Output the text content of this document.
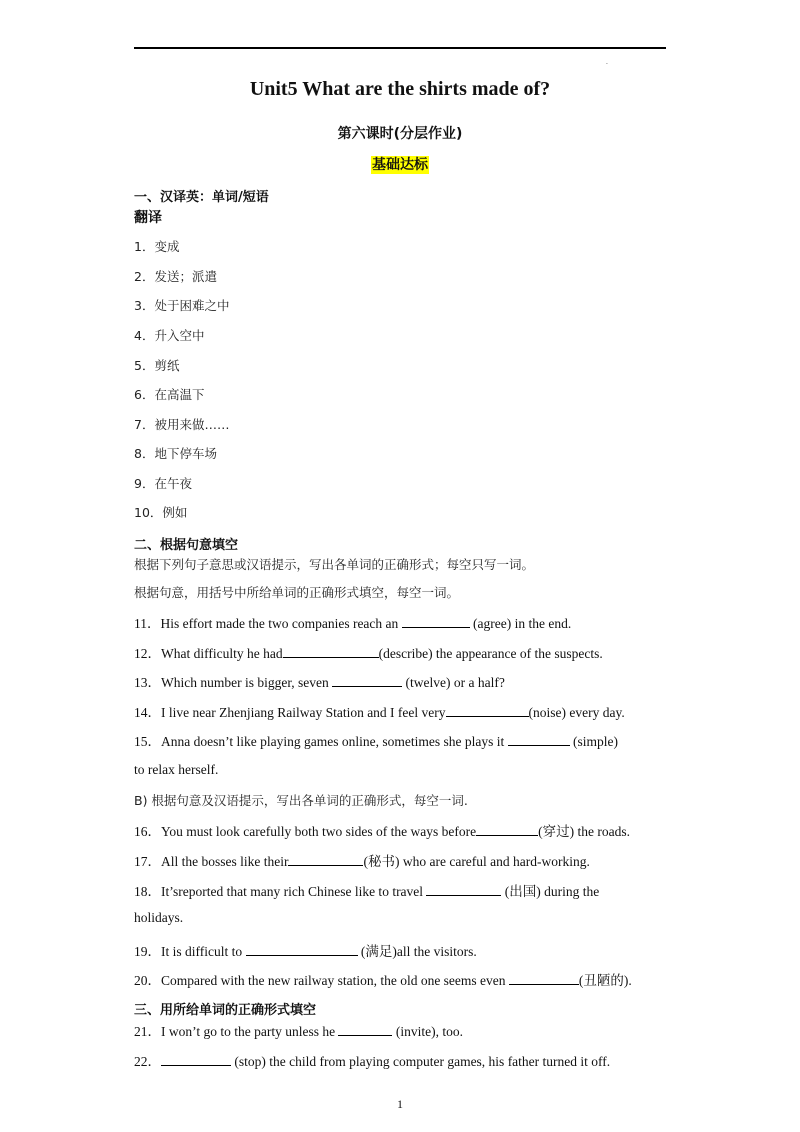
·
Unit5 What are the shirts made of?
第六课时(分层作业)
基础达标
一、汉译英：单词/短语
翻译
1．变成
2．发送；派遣
3．处于困难之中
4．升入空中
5．剪纸
6．在高温下
7．被用来做……
8．地下停车场
9．在午夜
10．例如
二、根据句意填空
根据下列句子意思或汉语提示，写出各单词的正确形式；每空只写一词。
根据句意，用括号中所给单词的正确形式填空，每空一词。
11．His effort made the two companies reach an	(agree) in the end.
12．What difficulty he had	(describe) the appearance of the suspects.
13．Which number is bigger, seven	(twelve) or a half?
14．I live near Zhenjiang Railway Station and I feel very	(noise) every day.
15．Anna doesn’t like playing games online, sometimes she plays it	(simple)
to relax herself.
B) 根据句意及汉语提示，写出各单词的正确形式，每空一词.
16．You must look carefully both two sides of the ways before	(穿过) the roads.
17．All the bosses like their	(秘书) who are careful and hard-working.
18．It’sreported that many rich Chinese like to travel	(出国) during the
holidays.
19．It is difficult to	(满足)all the visitors.
20．Compared with the new railway station, the old one seems even	(丑陋的).
三、用所给单词的正确形式填空
21．I won’t go to the party unless he	(invite), too.
22．	(stop) the child from playing computer games, his father turned it off.
1
